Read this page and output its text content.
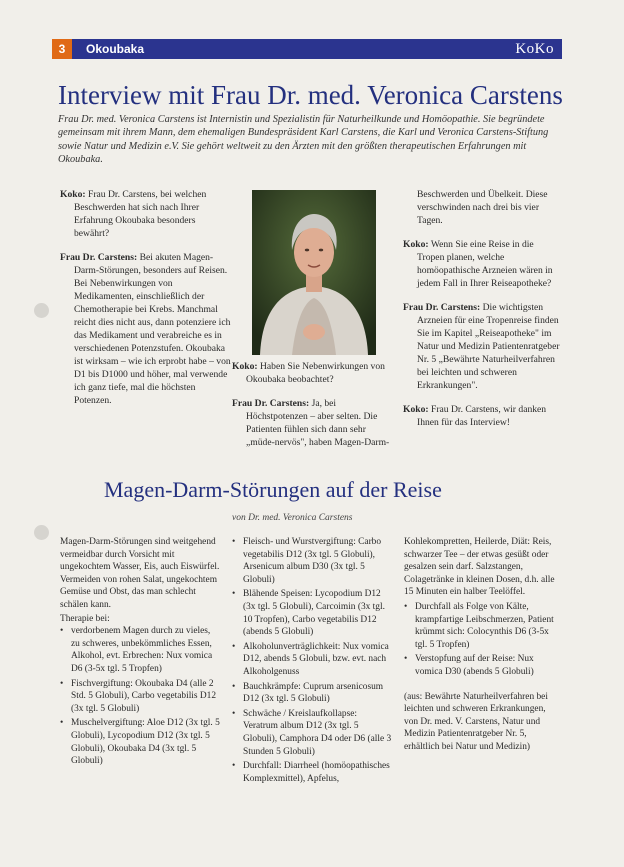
3	Okoubaka	KoKo
Interview mit Frau Dr. med. Veronica Carstens
Frau Dr. med. Veronica Carstens ist Internistin und Spezialistin für Naturheilkunde und Homöopathie. Sie begründete gemeinsam mit ihrem Mann, dem ehemaligen Bundespräsident Karl Carstens, die Karl und Veronica Carstens-Stiftung sowie Natur und Medizin e.V. Sie gehört weltweit zu den Ärzten mit den größten therapeutischen Erfahrungen mit Okoubaka.

Koko: Frau Dr. Carstens, bei welchen Beschwerden hat sich nach Ihrer Erfahrung Okoubaka besonders bewährt?

Frau Dr. Carstens: Bei akuten Magen-Darm-Störungen, besonders auf Reisen. Bei Nebenwirkungen von Medikamenten, einschließlich der Chemotherapie bei Krebs. Manchmal reicht dies nicht aus, dann potenziere ich das Medikament und verabreiche es in verschiedenen Potenzstufen. Okoubaka ist wirksam – wie ich erprobt habe – von D1 bis D1000 und höher, mal verwende ich ganz tiefe, mal die höchsten Potenzen.

Koko: Haben Sie Nebenwirkungen von Okoubaka beobachtet?

Frau Dr. Carstens: Ja, bei Höchstpotenzen – aber selten. Die Patienten fühlen sich dann sehr „müde-nervös", haben Magen-Darm-

Beschwerden und Übelkeit. Diese verschwinden nach drei bis vier Tagen.

Koko: Wenn Sie eine Reise in die Tropen planen, welche homöopathische Arzneien wären in jedem Fall in Ihrer Reiseapotheke?

Frau Dr. Carstens: Die wichtigsten Arzneien für eine Tropenreise finden Sie im Kapitel „Reiseapotheke" im Natur und Medizin Patientenratgeber Nr. 5 „Bewährte Naturheilverfahren bei leichten und schweren Erkrankungen".

Koko: Frau Dr. Carstens, wir danken Ihnen für das Interview!

Magen-Darm-Störungen auf der Reise
von Dr. med. Veronica Carstens
Magen-Darm-Störungen sind weitgehend vermeidbar durch Vorsicht mit ungekochtem Wasser, Eis, auch Eiswürfel. Vermeiden von rohen Salat, ungekochtem Gemüse und Obst, das man schlecht schälen kann.
Therapie bei:
• verdorbenem Magen durch zu vieles, zu schweres, unbekömmliches Essen, Alkohol, evt. Erbrechen: Nux vomica D6 (3-5x tgl. 5 Tropfen)
• Fischvergiftung: Okoubaka D4 (alle 2 Std. 5 Globuli), Carbo vegetabilis D12 (3x tgl. 5 Globuli)
• Muschelvergiftung: Aloe D12 (3x tgl. 5 Globuli), Lycopodium D12 (3x tgl. 5 Globuli), Okoubaka D4 (3x tgl. 5 Globuli)
• Fleisch- und Wurstvergiftung: Carbo vegetabilis D12 (3x tgl. 5 Globuli), Arsenicum album D30 (3x tgl. 5 Globuli)
• Blähende Speisen: Lycopodium D12 (3x tgl. 5 Globuli), Carcoimin (3x tgl. 10 Tropfen), Carbo vegetabilis D12 (abends 5 Globuli)
• Alkoholunverträglichkeit: Nux vomica D12, abends 5 Globuli, bzw. evt. nach Alkoholgenuss
• Bauchkrämpfe: Cuprum arsenicosum D12 (3x tgl. 5 Globuli)
• Schwäche / Kreislaufkollapse: Veratrum album D12 (3x tgl. 5 Globuli), Camphora D4 oder D6 (alle 3 Stunden 5 Globuli)
• Durchfall: Diarrheel (homöopathisches Komplexmittel), Apfelus,
Kohlekompretten, Heilerde, Diät: Reis, schwarzer Tee – der etwas gesüßt oder gesalzen sein darf. Salzstangen, Colagetränke in kleinen Dosen, d.h. alle 15 Minuten ein halber Teelöffel.
• Durchfall als Folge von Kälte, krampfartige Leibschmerzen, Patient krümmt sich: Colocynthis D6 (3-5x tgl. 5 Tropfen)
• Verstopfung auf der Reise: Nux vomica D30 (abends 5 Globuli)
(aus: Bewährte Naturheilverfahren bei leichten und schweren Erkrankungen, von Dr. med. V. Carstens, Natur und Medizin Patientenratgeber Nr. 5, erhältlich bei Natur und Medizin)
